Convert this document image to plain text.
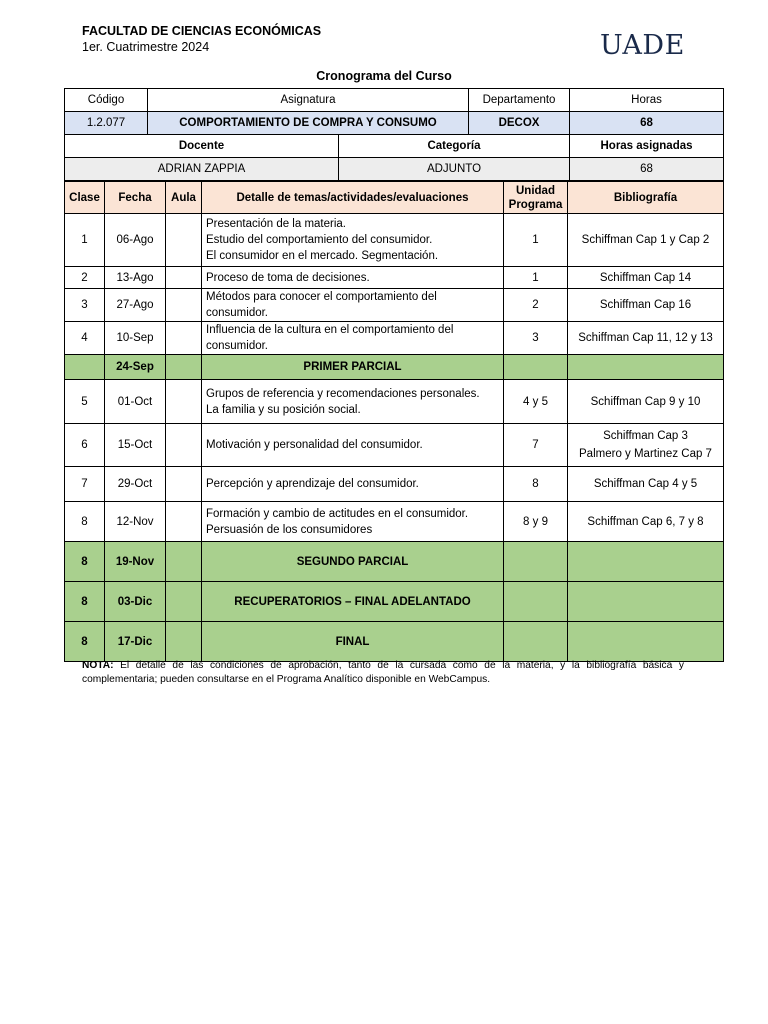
FACULTAD DE CIENCIAS ECONÓMICAS
1er. Cuatrimestre 2024	UADE
Cronograma del Curso
Código	Asignatura		Departamento	Horas
1.2.077	COMPORTAMIENTO DE COMPRA Y CONSUMO		DECOX	68
Docente		Categoría		Horas asignadas
ADRIAN ZAPPIA		ADJUNTO		68
Clase	Fecha	Aula	Detalle de temas/actividades/evaluaciones	Unidad Programa	Bibliografía
1	06-Ago		Presentación de la materia.
Estudio del comportamiento del consumidor.
El consumidor en el mercado. Segmentación.	1	Schiffman Cap 1 y Cap 2

2	13-Ago		Proceso de toma de decisiones.	1	Schiffman Cap 14

3	27-Ago		Métodos para conocer el comportamiento del consumidor.	2	Schiffman Cap 16

4	10-Sep		Influencia de la cultura en el comportamiento del consumidor.	3	Schiffman Cap 11, 12 y 13

	24-Sep		PRIMER PARCIAL		
5	01-Oct		Grupos de referencia y recomendaciones personales.
La familia y su posición social.	4 y 5	Schiffman Cap 9 y 10

6	15-Oct		Motivación y personalidad del consumidor.	7	Schiffman Cap 3
Palmero y Martinez Cap 7

7	29-Oct		Percepción y aprendizaje del consumidor.	8	Schiffman Cap 4 y 5

8	12-Nov		Formación y cambio de actitudes en el consumidor.
Persuasión de los consumidores	8 y 9	Schiffman Cap 6, 7 y 8

8	19-Nov		SEGUNDO PARCIAL		
8	03-Dic		RECUPERATORIOS – FINAL ADELANTADO		
8	17-Dic		FINAL		
NOTA: El detalle de las condiciones de aprobación, tanto de la cursada como de la materia, y la bibliografía básica y complementaria; pueden consultarse en el Programa Analítico disponible en WebCampus.
